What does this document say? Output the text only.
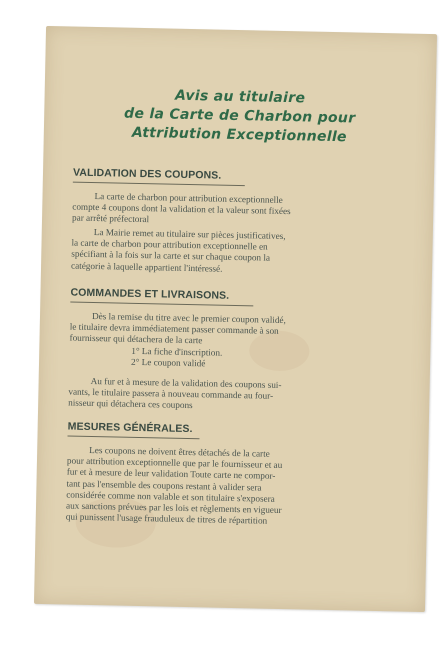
Avis au titulaire
de la Carte de Charbon pour
Attribution Exceptionnelle
VALIDATION DES COUPONS.
La carte de charbon pour attribution exceptionnelle
compte 4 coupons dont la validation et la valeur sont fixées
par arrêté préfectoral
La Mairie remet au titulaire sur pièces justificatives,
la carte de charbon pour attribution exceptionnelle en
spécifiant à la fois sur la carte et sur chaque coupon la
catégorie à laquelle appartient l'intéressé.
COMMANDES ET LIVRAISONS.
Dès la remise du titre avec le premier coupon validé,
le titulaire devra immédiatement passer commande à son
fournisseur qui détachera de la carte
1° La fiche d'inscription.
2° Le coupon validé
Au fur et à mesure de la validation des coupons sui-
vants, le titulaire passera à nouveau commande au four-
nisseur qui détachera ces coupons
MESURES GÉNÉRALES.
Les coupons ne doivent êtres détachés de la carte
pour attribution exceptionnelle que par le fournisseur et au
fur et à mesure de leur validation Toute carte ne compor-
tant pas l'ensemble des coupons restant à valider sera
considérée comme non valable et son titulaire s'exposera
aux sanctions prévues par les lois et règlements en vigueur
qui punissent l'usage frauduleux de titres de répartition
